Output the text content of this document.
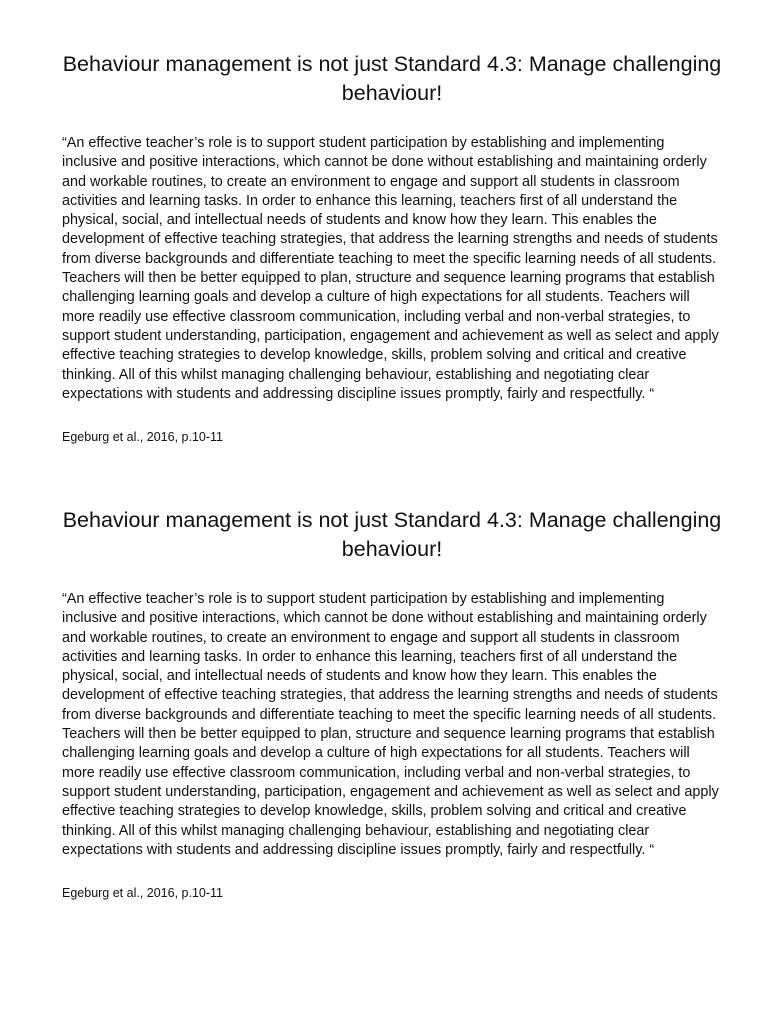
Behaviour management is not just Standard 4.3: Manage challenging behaviour!

“An effective teacher’s role is to support student participation by establishing and implementing inclusive and positive interactions, which cannot be done without establishing and maintaining orderly and workable routines, to create an environment to engage and support all students in classroom activities and learning tasks. In order to enhance this learning, teachers first of all understand the physical, social, and intellectual needs of students and know how they learn. This enables the development of effective teaching strategies, that address the learning strengths and needs of students from diverse backgrounds and differentiate teaching to meet the specific learning needs of all students. Teachers will then be better equipped to plan, structure and sequence learning programs that establish challenging learning goals and develop a culture of high expectations for all students. Teachers will more readily use effective classroom communication, including verbal and non-verbal strategies, to support student understanding, participation, engagement and achievement as well as select and apply effective teaching strategies to develop knowledge, skills, problem solving and critical and creative thinking. All of this whilst managing challenging behaviour, establishing and negotiating clear expectations with students and addressing discipline issues promptly, fairly and respectfully. “

Egeburg et al., 2016, p.10-11

Behaviour management is not just Standard 4.3: Manage challenging behaviour!

“An effective teacher’s role is to support student participation by establishing and implementing inclusive and positive interactions, which cannot be done without establishing and maintaining orderly and workable routines, to create an environment to engage and support all students in classroom activities and learning tasks. In order to enhance this learning, teachers first of all understand the physical, social, and intellectual needs of students and know how they learn. This enables the development of effective teaching strategies, that address the learning strengths and needs of students from diverse backgrounds and differentiate teaching to meet the specific learning needs of all students. Teachers will then be better equipped to plan, structure and sequence learning programs that establish challenging learning goals and develop a culture of high expectations for all students. Teachers will more readily use effective classroom communication, including verbal and non-verbal strategies, to support student understanding, participation, engagement and achievement as well as select and apply effective teaching strategies to develop knowledge, skills, problem solving and critical and creative thinking. All of this whilst managing challenging behaviour, establishing and negotiating clear expectations with students and addressing discipline issues promptly, fairly and respectfully. “

Egeburg et al., 2016, p.10-11
